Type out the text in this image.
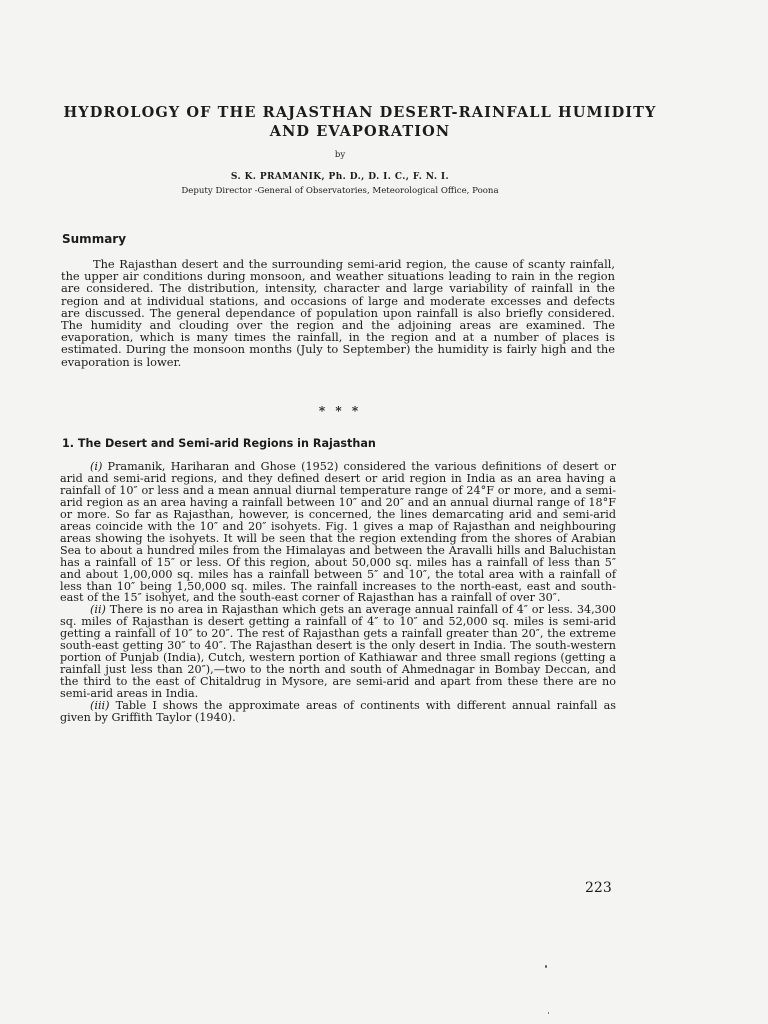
HYDROLOGY OF THE RAJASTHAN DESERT-RAINFALL HUMIDITY AND EVAPORATION
by
S. K. PRAMANIK, Ph. D., D. I. C., F. N. I.
Deputy Director -General of Observatories, Meteorological Office, Poona
Summary
The Rajasthan desert and the surrounding semi-arid region, the cause of scanty rainfall, the upper air conditions during monsoon, and weather situations leading to rain in the region are considered. The distribution, intensity, character and large variability of rainfall in the region and at individual stations, and occasions of large and moderate excesses and defects are discussed. The general dependance of population upon rainfall is also briefly considered. The humidity and clouding over the region and the adjoining areas are examined. The evaporation, which is many times the rainfall, in the region and at a number of places is estimated. During the monsoon months (July to September) the humidity is fairly high and the evaporation is lower.
* * *
1. The Desert and Semi-arid Regions in Rajasthan

(i) Pramanik, Hariharan and Ghose (1952) considered the various definitions of desert or arid and semi-arid regions, and they defined desert or arid region in India as an area having a rainfall of 10″ or less and a mean annual diurnal temperature range of 24°F or more, and a semi-arid region as an area having a rainfall between 10″ and 20″ and an annual diurnal range of 18°F or more. So far as Rajasthan, however, is concerned, the lines demarcating arid and semi-arid areas coincide with the 10″ and 20″ isohyets. Fig. 1 gives a map of Rajasthan and neighbouring areas showing the isohyets. It will be seen that the region extending from the shores of Arabian Sea to about a hundred miles from the Himalayas and between the Aravalli hills and Baluchistan has a rainfall of 15″ or less. Of this region, about 50,000 sq. miles has a rainfall of less than 5″ and about 1,00,000 sq. miles has a rainfall between 5″ and 10″, the total area with a rainfall of less than 10″ being 1,50,000 sq. miles. The rainfall increases to the north-east, east and south-east of the 15″ isohyet, and the south-east corner of Rajasthan has a rainfall of over 30″.

(ii) There is no area in Rajasthan which gets an average annual rainfall of 4″ or less. 34,300 sq. miles of Rajasthan is desert getting a rainfall of 4″ to 10″ and 52,000 sq. miles is semi-arid getting a rainfall of 10″ to 20″. The rest of Rajasthan gets a rainfall greater than 20″, the extreme south-east getting 30″ to 40″. The Rajasthan desert is the only desert in India. The south-western portion of Punjab (India), Cutch, western portion of Kathiawar and three small regions (getting a rainfall just less than 20″),—two to the north and south of Ahmednagar in Bombay Deccan, and the third to the east of Chitaldrug in Mysore, are semi-arid and apart from these there are no semi-arid areas in India.

(iii) Table I shows the approximate areas of continents with different annual rainfall as given by Griffith Taylor (1940).

223
